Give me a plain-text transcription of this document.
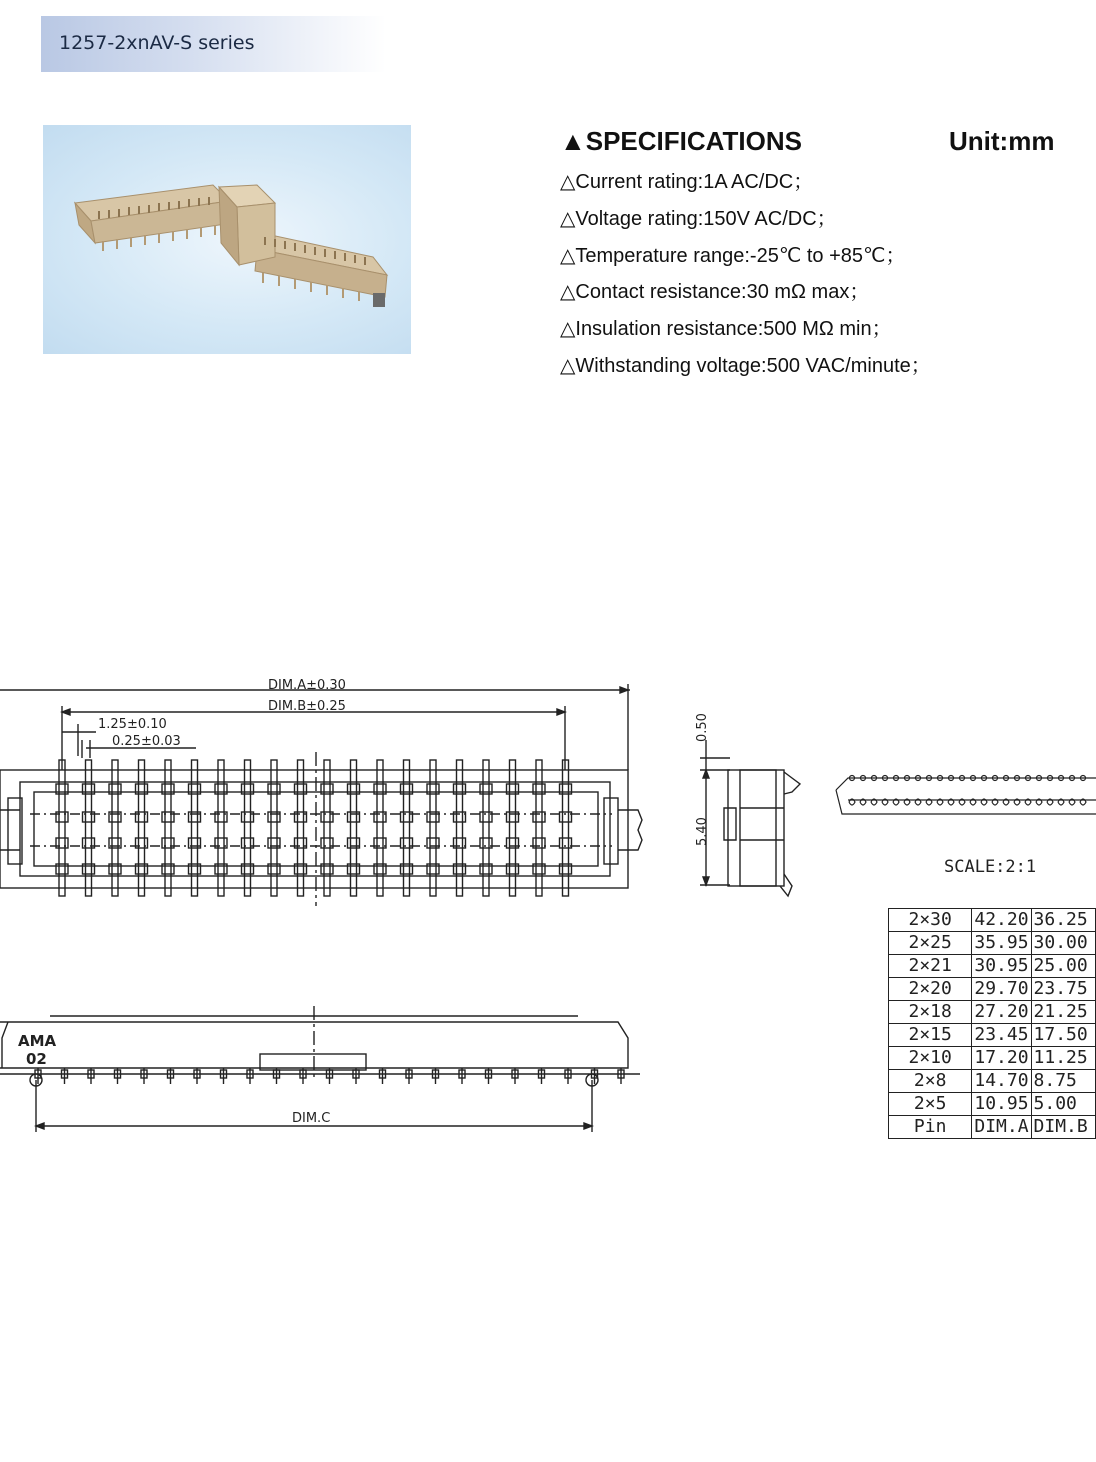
1257-2xnAV-S series
▲SPECIFICATIONS	Unit:mm
△Current rating:1A AC/DC；
△Voltage rating:150V AC/DC；
△Temperature range:-25℃ to +85℃；
△Contact resistance:30 mΩ max；
△Insulation resistance:500 MΩ min；
△Withstanding voltage:500 VAC/minute；
DIM.A±0.30
DIM.B±0.25
1.25±0.10
0.25±0.03	0.50
5.40
AMA
02
DIM.C
SCALE:2:1
2×30	42.20	36.25
2×25	35.95	30.00
2×21	30.95	25.00
2×20	29.70	23.75
2×18	27.20	21.25
2×15	23.45	17.50
2×10	17.20	11.25
2×8	14.70	8.75
2×5	10.95	5.00
Pin	DIM.A	DIM.B
